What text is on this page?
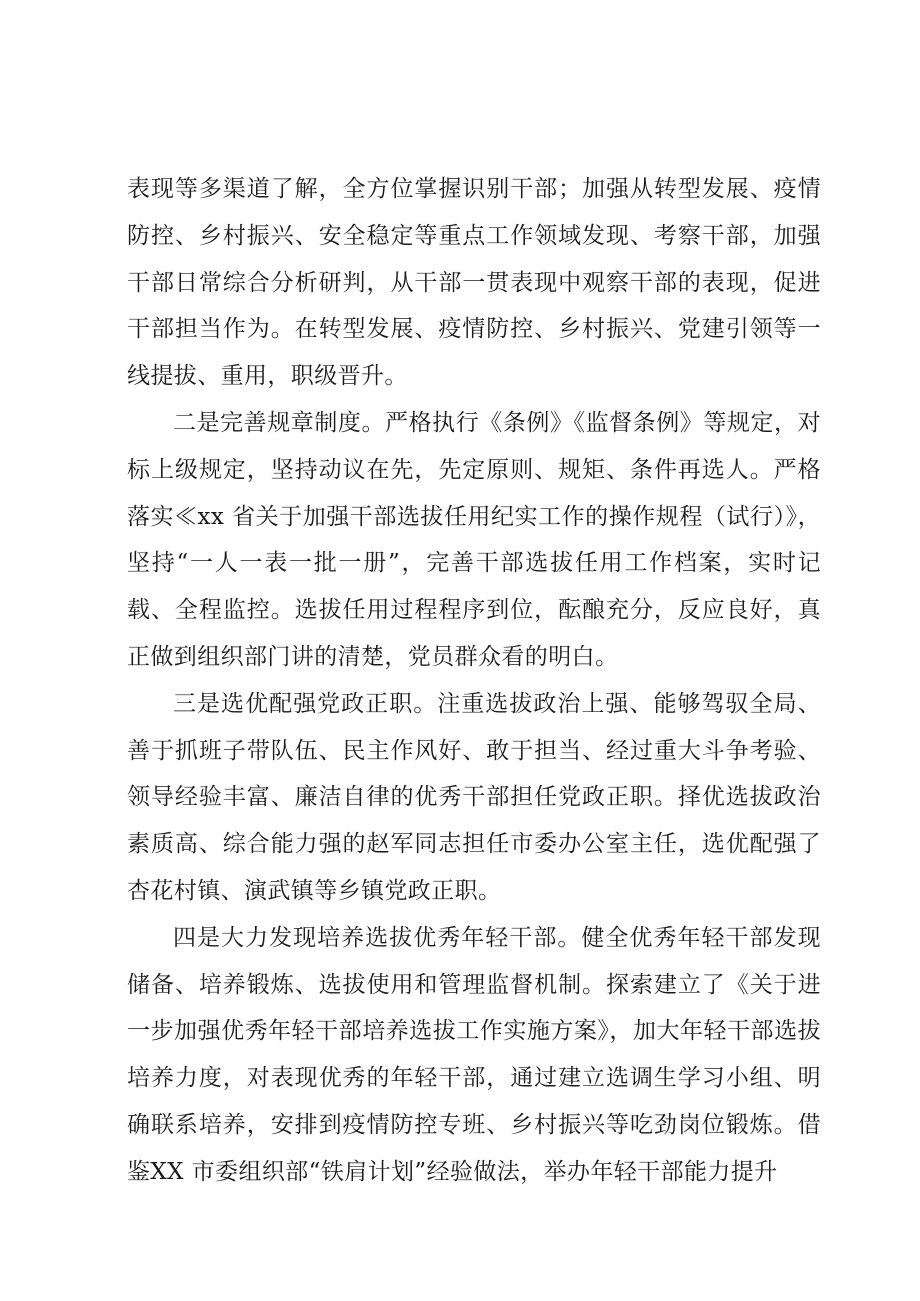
表现等多渠道了解，全方位掌握识别干部；加强从转型发展、疫情防控、乡村振兴、安全稳定等重点工作领域发现、考察干部，加强干部日常综合分析研判，从干部一贯表现中观察干部的表现，促进干部担当作为。在转型发展、疫情防控、乡村振兴、党建引领等一线提拔、重用，职级晋升。

二是完善规章制度。严格执行《条例》《监督条例》等规定，对标上级规定，坚持动议在先，先定原则、规矩、条件再选人。严格落实≪xx 省关于加强干部选拔任用纪实工作的操作规程（试行）》，坚持“一人一表一批一册”，完善干部选拔任用工作档案，实时记载、全程监控。选拔任用过程程序到位，酝酿充分，反应良好，真正做到组织部门讲的清楚，党员群众看的明白。

三是选优配强党政正职。注重选拔政治上强、能够驾驭全局、善于抓班子带队伍、民主作风好、敢于担当、经过重大斗争考验、领导经验丰富、廉洁自律的优秀干部担任党政正职。择优选拔政治素质高、综合能力强的赵军同志担任市委办公室主任，选优配强了杏花村镇、演武镇等乡镇党政正职。

四是大力发现培养选拔优秀年轻干部。健全优秀年轻干部发现储备、培养锻炼、选拔使用和管理监督机制。探索建立了《关于进一步加强优秀年轻干部培养选拔工作实施方案》，加大年轻干部选拔培养力度，对表现优秀的年轻干部，通过建立选调生学习小组、明确联系培养，安排到疫情防控专班、乡村振兴等吃劲岗位锻炼。借鉴XX 市委组织部“铁肩计划”经验做法，举办年轻干部能力提升
